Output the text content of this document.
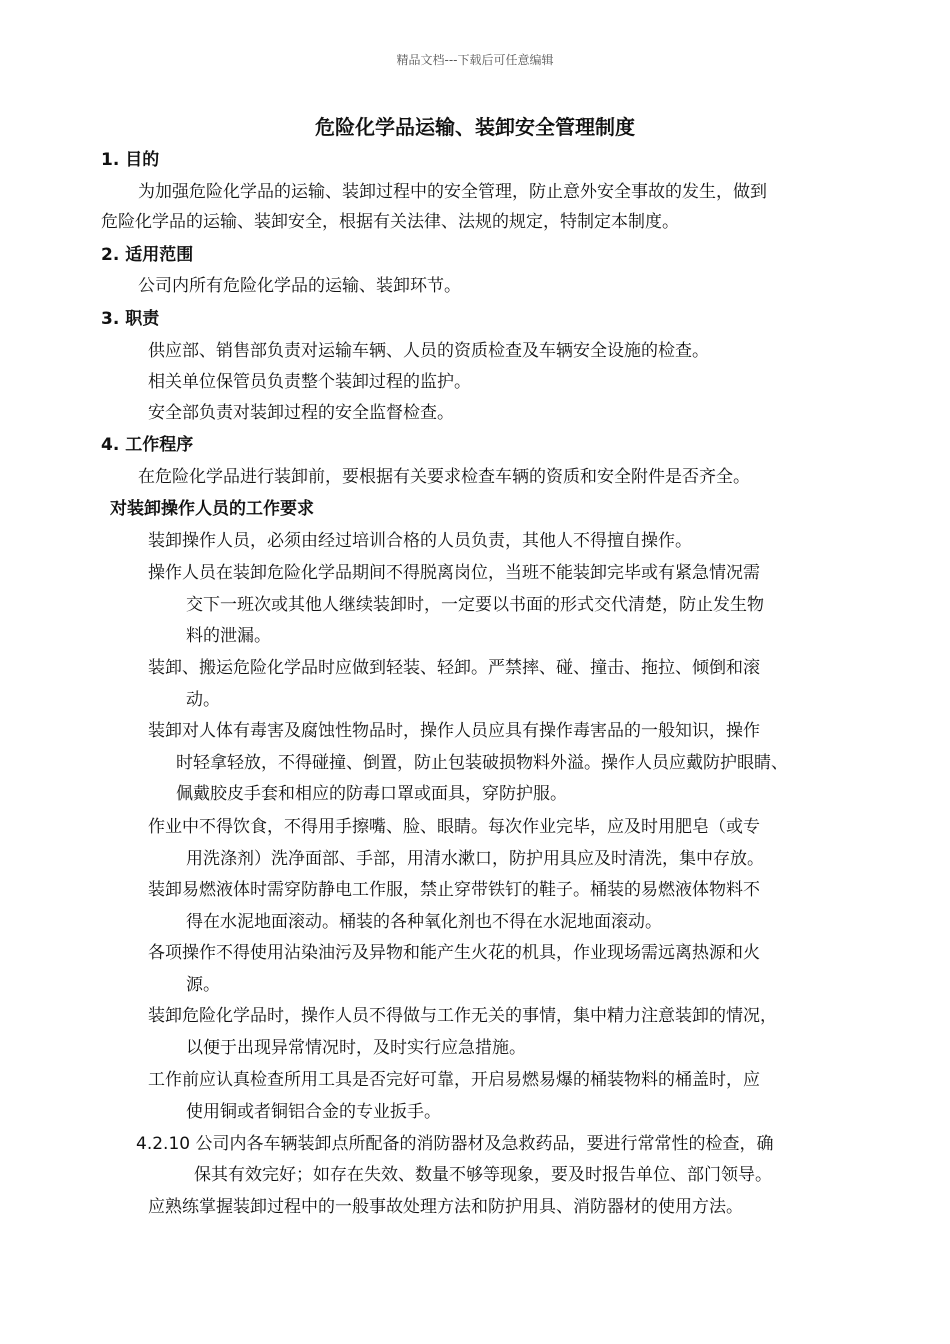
精品文档---下载后可任意编辑
危险化学品运输、装卸安全管理制度
1. 目的
为加强危险化学品的运输、装卸过程中的安全管理，防止意外安全事故的发生，做到
危险化学品的运输、装卸安全，根据有关法律、法规的规定，特制定本制度。
2. 适用范围
公司内所有危险化学品的运输、装卸环节。
3. 职责
供应部、销售部负责对运输车辆、人员的资质检查及车辆安全设施的检查。
相关单位保管员负责整个装卸过程的监护。
安全部负责对装卸过程的安全监督检查。
4. 工作程序
在危险化学品进行装卸前，要根据有关要求检查车辆的资质和安全附件是否齐全。
对装卸操作人员的工作要求
装卸操作人员，必须由经过培训合格的人员负责，其他人不得擅自操作。
操作人员在装卸危险化学品期间不得脱离岗位，当班不能装卸完毕或有紧急情况需
交下一班次或其他人继续装卸时，一定要以书面的形式交代清楚，防止发生物
料的泄漏。
装卸、搬运危险化学品时应做到轻装、轻卸。严禁摔、碰、撞击、拖拉、倾倒和滚
动。
装卸对人体有毒害及腐蚀性物品时，操作人员应具有操作毒害品的一般知识，操作
时轻拿轻放，不得碰撞、倒置，防止包装破损物料外溢。操作人员应戴防护眼睛、
佩戴胶皮手套和相应的防毒口罩或面具，穿防护服。
作业中不得饮食，不得用手擦嘴、脸、眼睛。每次作业完毕，应及时用肥皂（或专
用洗涤剂）洗净面部、手部，用清水漱口，防护用具应及时清洗，集中存放。
装卸易燃液体时需穿防静电工作服，禁止穿带铁钉的鞋子。桶装的易燃液体物料不
得在水泥地面滚动。桶装的各种氧化剂也不得在水泥地面滚动。
各项操作不得使用沾染油污及异物和能产生火花的机具，作业现场需远离热源和火
源。
装卸危险化学品时，操作人员不得做与工作无关的事情，集中精力注意装卸的情况，
以便于出现异常情况时，及时实行应急措施。
工作前应认真检查所用工具是否完好可靠，开启易燃易爆的桶装物料的桶盖时，应
使用铜或者铜铝合金的专业扳手。
4.2.10 公司内各车辆装卸点所配备的消防器材及急救药品，要进行常常性的检查，确
保其有效完好；如存在失效、数量不够等现象，要及时报告单位、部门领导。
应熟练掌握装卸过程中的一般事故处理方法和防护用具、消防器材的使用方法。
